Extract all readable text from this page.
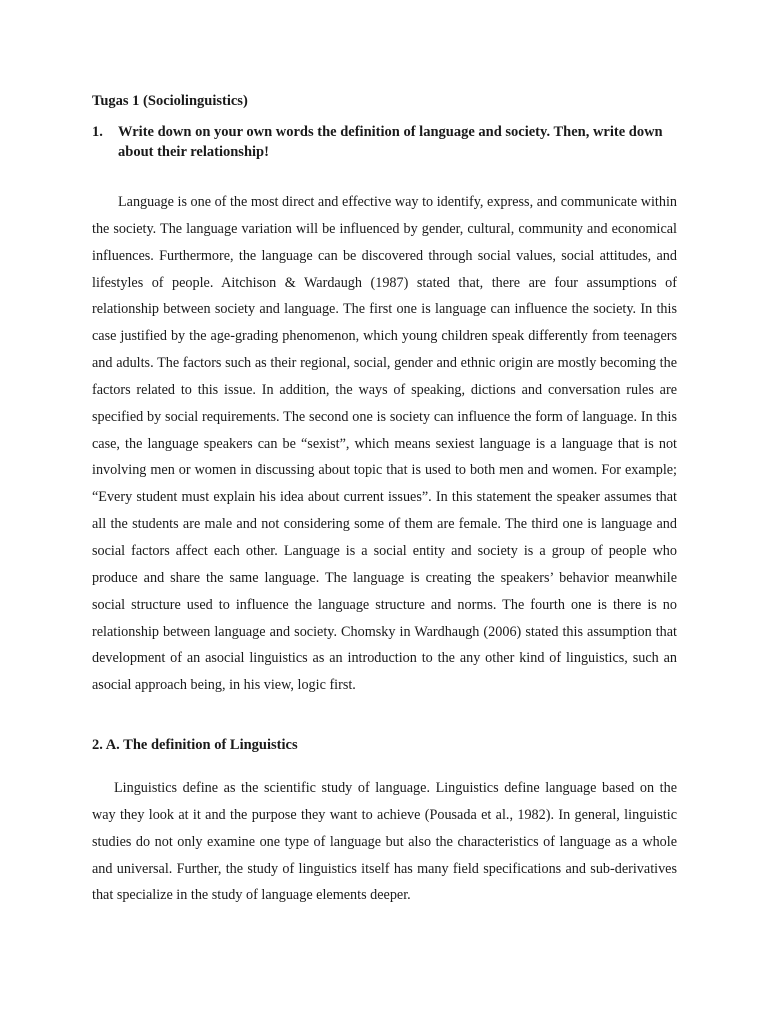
Tugas 1 (Sociolinguistics)

1. Write down on your own words the definition of language and society. Then, write down about their relationship!

Language is one of the most direct and effective way to identify, express, and communicate within the society. The language variation will be influenced by gender, cultural, community and economical influences. Furthermore, the language can be discovered through social values, social attitudes, and lifestyles of people. Aitchison & Wardaugh (1987) stated that, there are four assumptions of relationship between society and language. The first one is language can influence the society. In this case justified by the age-grading phenomenon, which young children speak differently from teenagers and adults. The factors such as their regional, social, gender and ethnic origin are mostly becoming the factors related to this issue. In addition, the ways of speaking, dictions and conversation rules are specified by social requirements. The second one is society can influence the form of language. In this case, the language speakers can be “sexist”, which means sexiest language is a language that is not involving men or women in discussing about topic that is used to both men and women. For example; “Every student must explain his idea about current issues”. In this statement the speaker assumes that all the students are male and not considering some of them are female. The third one is language and social factors affect each other. Language is a social entity and society is a group of people who produce and share the same language. The language is creating the speakers’ behavior meanwhile social structure used to influence the language structure and norms. The fourth one is there is no relationship between language and society. Chomsky in Wardhaugh (2006) stated this assumption that development of an asocial linguistics as an introduction to the any other kind of linguistics, such an asocial approach being, in his view, logic first.

2. A. The definition of Linguistics

Linguistics define as the scientific study of language. Linguistics define language based on the way they look at it and the purpose they want to achieve (Pousada et al., 1982). In general, linguistic studies do not only examine one type of language but also the characteristics of language as a whole and universal. Further, the study of linguistics itself has many field specifications and sub-derivatives that specialize in the study of language elements deeper.
